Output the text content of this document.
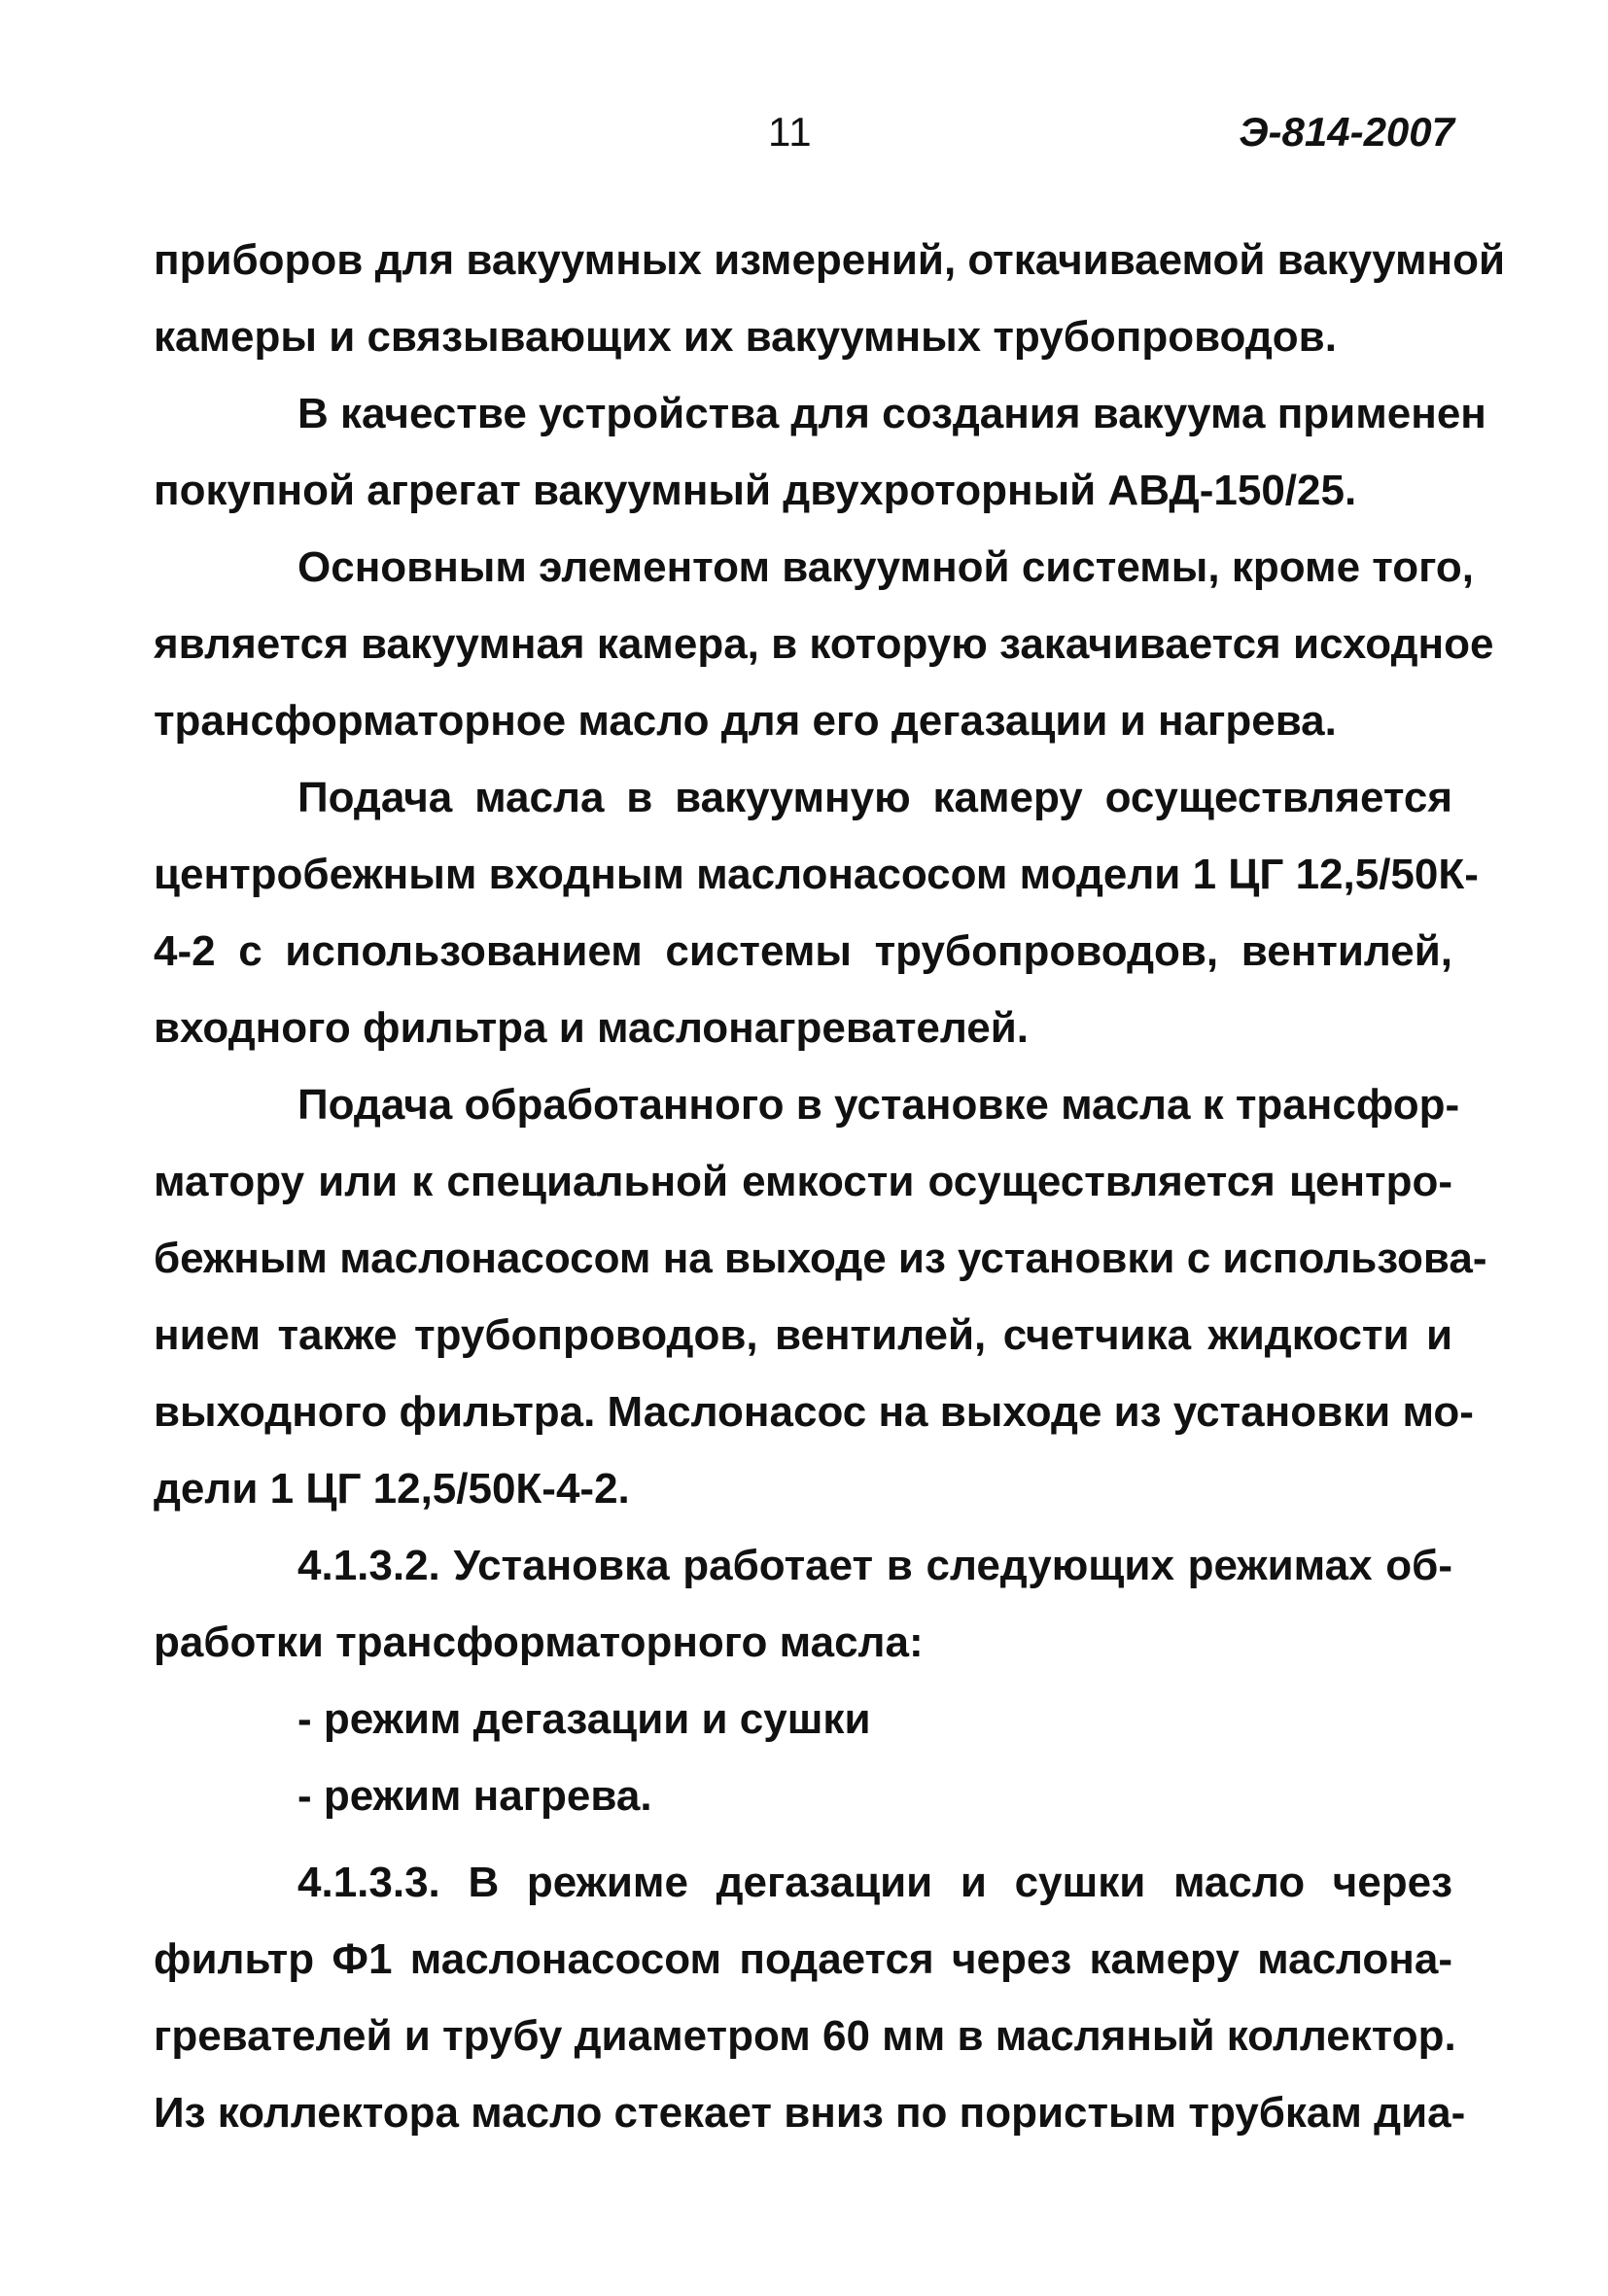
11	Э-814-2007
приборов для вакуумных измерений, откачиваемой вакуумной
камеры и связывающих их вакуумных трубопроводов.
В качестве устройства для создания вакуума применен
покупной агрегат вакуумный двухроторный АВД-150/25.
Основным элементом вакуумной системы, кроме того,
является вакуумная камера, в которую закачивается исходное
трансформаторное масло для его дегазации и нагрева.
Подача масла в вакуумную камеру осуществляется
центробежным входным маслонасосом модели 1 ЦГ 12,5/50К-
4-2 с использованием системы трубопроводов, вентилей,
входного фильтра и маслонагревателей.
Подача обработанного в установке масла к трансфор-
матору или к специальной емкости осуществляется центро-
бежным маслонасосом на выходе из установки с использова-
нием также трубопроводов, вентилей, счетчика жидкости и
выходного фильтра. Маслонасос на выходе из установки мо-
дели 1 ЦГ 12,5/50К-4-2.
4.1.3.2. Установка работает в следующих режимах об-
работки трансформаторного масла:
- режим дегазации и сушки
- режим нагрева.
4.1.3.3. В режиме дегазации и сушки масло через
фильтр Ф1 маслонасосом подается через камеру маслона-
гревателей и трубу диаметром 60 мм в масляный коллектор.
Из коллектора масло стекает вниз по пористым трубкам диа-
